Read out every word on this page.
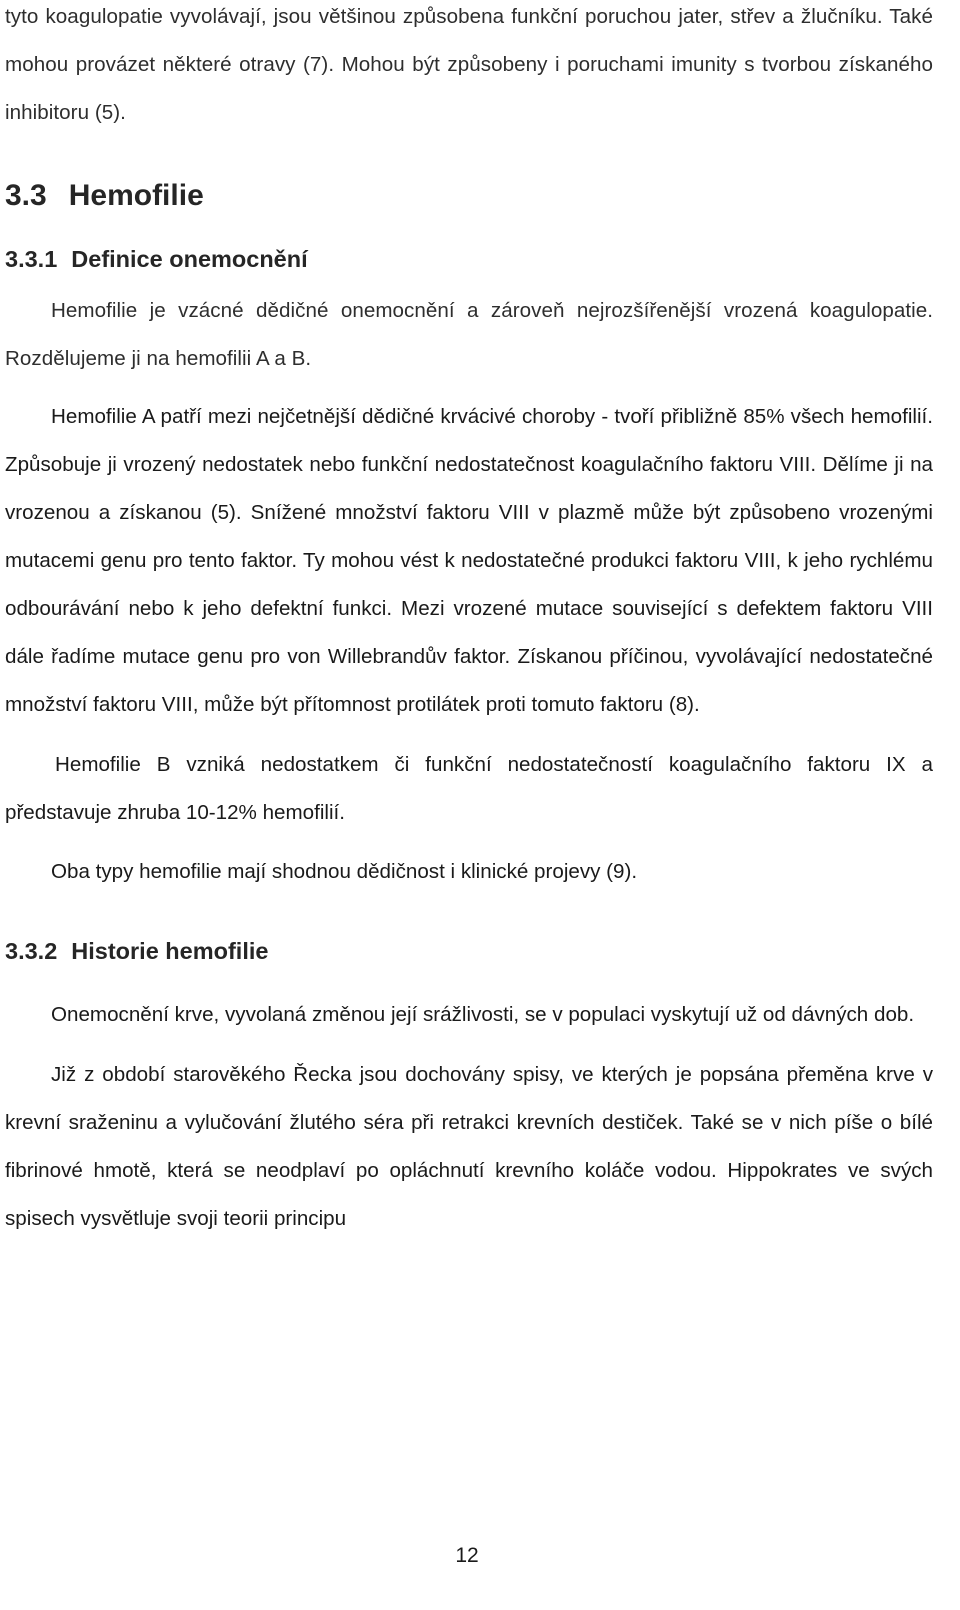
tyto koagulopatie vyvolávají, jsou většinou způsobena funkční poruchou jater, střev a žlučníku. Také mohou provázet některé otravy (7). Mohou být způsobeny i poruchami imunity s tvorbou získaného inhibitoru (5).

3.3 Hemofilie
3.3.1 Definice onemocnění

Hemofilie je vzácné dědičné onemocnění a zároveň nejrozšířenější vrozená koagulopatie. Rozdělujeme ji na hemofilii A a B.

Hemofilie A patří mezi nejčetnější dědičné krvácivé choroby - tvoří přibližně 85% všech hemofilií. Způsobuje ji vrozený nedostatek nebo funkční nedostatečnost koagulačního faktoru VIII. Dělíme ji na vrozenou a získanou (5). Snížené množství faktoru VIII v plazmě může být způsobeno vrozenými mutacemi genu pro tento faktor. Ty mohou vést k nedostatečné produkci faktoru VIII, k jeho rychlému odbourávání nebo k jeho defektní funkci. Mezi vrozené mutace související s defektem faktoru VIII dále řadíme mutace genu pro von Willebrandův faktor. Získanou příčinou, vyvolávající nedostatečné množství faktoru VIII, může být přítomnost protilátek proti tomuto faktoru (8).

Hemofilie B vzniká nedostatkem či funkční nedostatečností koagulačního faktoru IX a představuje zhruba 10-12% hemofilií.

Oba typy hemofilie mají shodnou dědičnost i klinické projevy (9).

3.3.2 Historie hemofilie

Onemocnění krve, vyvolaná změnou její srážlivosti, se v populaci vyskytují už od dávných dob.

Již z období starověkého Řecka jsou dochovány spisy, ve kterých je popsána přeměna krve v krevní sraženinu a vylučování žlutého séra při retrakci krevních destiček. Také se v nich píše o bílé fibrinové hmotě, která se neodplaví po opláchnutí krevního koláče vodou. Hippokrates ve svých spisech vysvětluje svoji teorii principu

12
